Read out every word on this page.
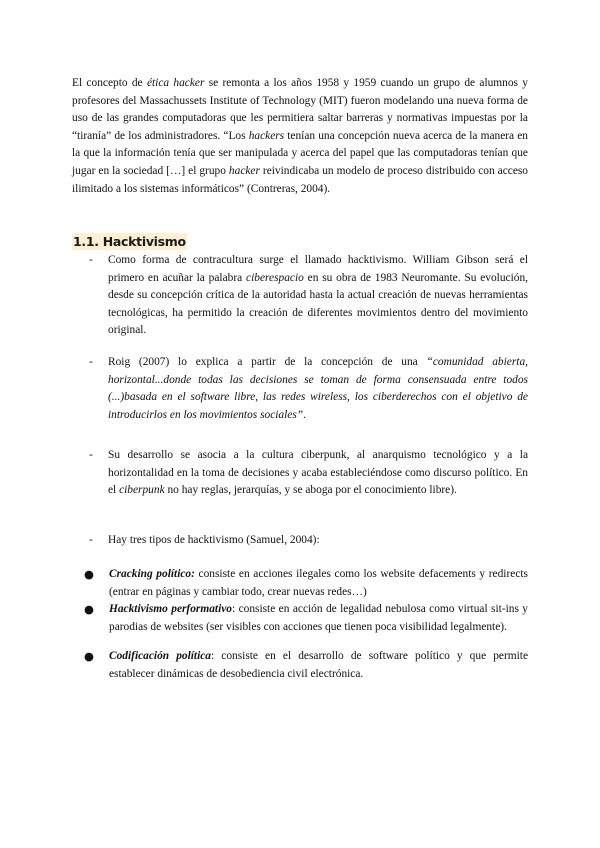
El concepto de ética hacker se remonta a los años 1958 y 1959 cuando un grupo de alumnos y profesores del Massachussets Institute of Technology (MIT) fueron modelando una nueva forma de uso de las grandes computadoras que les permitiera saltar barreras y normativas impuestas por la “tiranía” de los administradores. “Los hackers tenían una concepción nueva acerca de la manera en la que la información tenía que ser manipulada y acerca del papel que las computadoras tenían que jugar en la sociedad […] el grupo hacker reivindicaba un modelo de proceso distribuido con acceso ilimitado a los sistemas informáticos” (Contreras, 2004).

1.1. Hacktivismo
- Como forma de contracultura surge el llamado hacktivismo. William Gibson será el primero en acuñar la palabra ciberespacio en su obra de 1983 Neuromante. Su evolución, desde su concepción crítica de la autoridad hasta la actual creación de nuevas herramientas tecnológicas, ha permitido la creación de diferentes movimientos dentro del movimiento original.
- Roig (2007) lo explica a partir de la concepción de una “comunidad abierta, horizontal...donde todas las decisiones se toman de forma consensuada entre todos (...)basada en el software libre, las redes wireless, los ciberderechos con el objetivo de introducirlos en los movimientos sociales”.
- Su desarrollo se asocia a la cultura ciberpunk, al anarquismo tecnológico y a la horizontalidad en la toma de decisiones y acaba estableciéndose como discurso político. En el ciberpunk no hay reglas, jerarquías, y se aboga por el conocimiento libre).
- Hay tres tipos de hacktivismo (Samuel, 2004):
● Cracking político: consiste en acciones ilegales como los website defacements y redirects (entrar en páginas y cambiar todo, crear nuevas redes…)
● Hacktivismo performativo: consiste en acción de legalidad nebulosa como virtual sit-ins y parodias de websites (ser visibles con acciones que tienen poca visibilidad legalmente).
● Codificación política: consiste en el desarrollo de software político y que permite establecer dinámicas de desobediencia civil electrónica.
